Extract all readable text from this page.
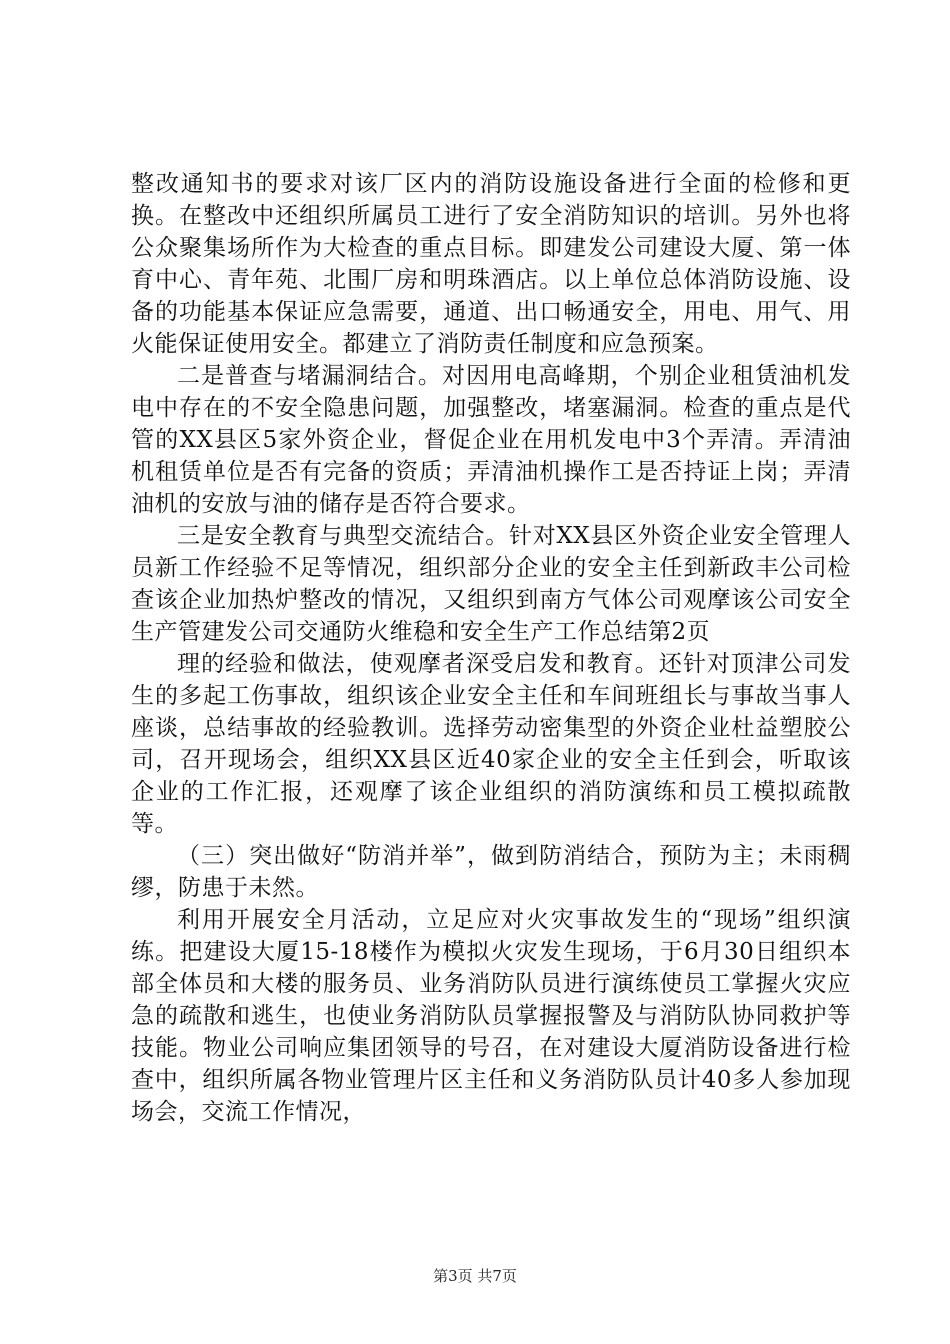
整改通知书的要求对该厂区内的消防设施设备进行全面的检修和更换。在整改中还组织所属员工进行了安全消防知识的培训。另外也将公众聚集场所作为大检查的重点目标。即建发公司建设大厦、第一体育中心、青年苑、北围厂房和明珠酒店。以上单位总体消防设施、设备的功能基本保证应急需要，通道、出口畅通安全，用电、用气、用火能保证使用安全。都建立了消防责任制度和应急预案。

二是普查与堵漏洞结合。对因用电高峰期，个别企业租赁油机发电中存在的不安全隐患问题，加强整改，堵塞漏洞。检查的重点是代管的XX县区5家外资企业，督促企业在用机发电中3个弄清。弄清油机租赁单位是否有完备的资质；弄清油机操作工是否持证上岗；弄清油机的安放与油的储存是否符合要求。

三是安全教育与典型交流结合。针对XX县区外资企业安全管理人员新工作经验不足等情况，组织部分企业的安全主任到新政丰公司检查该企业加热炉整改的情况，又组织到南方气体公司观摩该公司安全生产管建发公司交通防火维稳和安全生产工作总结第2页

理的经验和做法，使观摩者深受启发和教育。还针对顶津公司发生的多起工伤事故，组织该企业安全主任和车间班组长与事故当事人座谈，总结事故的经验教训。选择劳动密集型的外资企业杜益塑胶公司，召开现场会，组织XX县区近40家企业的安全主任到会，听取该企业的工作汇报，还观摩了该企业组织的消防演练和员工模拟疏散等。

（三）突出做好“防消并举”，做到防消结合，预防为主；未雨稠缪，防患于未然。

利用开展安全月活动，立足应对火灾事故发生的“现场”组织演练。把建设大厦15-18楼作为模拟火灾发生现场，于6月30日组织本部全体员和大楼的服务员、业务消防队员进行演练使员工掌握火灾应急的疏散和逃生，也使业务消防队员掌握报警及与消防队协同救护等技能。物业公司响应集团领导的号召，在对建设大厦消防设备进行检查中，组织所属各物业管理片区主任和义务消防队员计40多人参加现场会，交流工作情况，

第3页 共7页
